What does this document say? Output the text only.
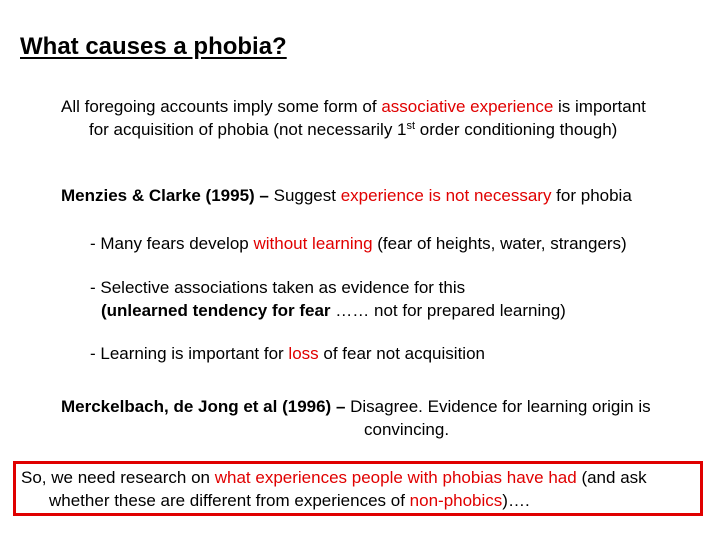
What causes a phobia?
All foregoing accounts imply some form of associative experience is important
for acquisition of phobia (not necessarily 1st order conditioning though)
Menzies & Clarke (1995) – Suggest experience is not necessary for phobia
- Many fears develop without learning (fear of heights, water, strangers)
- Selective associations taken as evidence for this
(unlearned tendency for fear …… not for prepared learning)
- Learning is important for loss of fear not acquisition
Merckelbach, de Jong et al (1996) – Disagree. Evidence for learning origin is
convincing.
So, we need research on what experiences people with phobias have had (and ask
whether these are different from experiences of non-phobics)….
